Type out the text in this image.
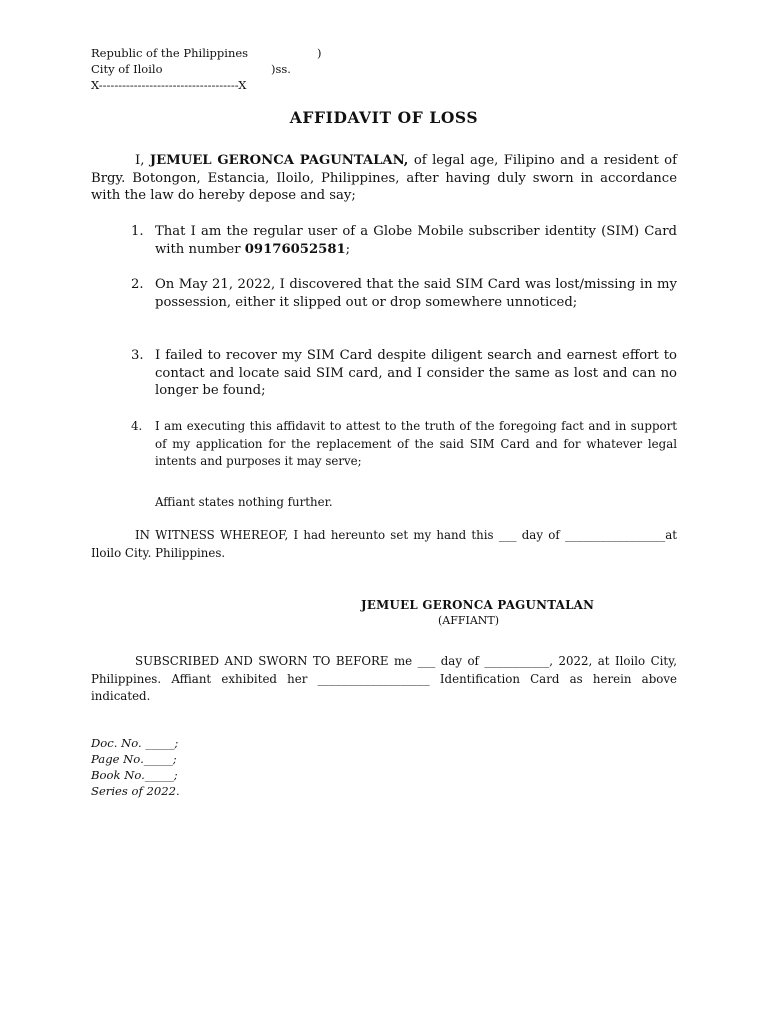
Republic of the Philippines	)
City of Iloilo	)ss.
X------------------------------------X
AFFIDAVIT OF LOSS
I, JEMUEL GERONCA PAGUNTALAN, of legal age, Filipino and a resident of Brgy. Botongon, Estancia, Iloilo, Philippines, after having duly sworn in accordance with the law do hereby depose and say;
1. That I am the regular user of a Globe Mobile subscriber identity (SIM) Card with number 09176052581;
2. On May 21, 2022, I discovered that the said SIM Card was lost/missing in my possession, either it slipped out or drop somewhere unnoticed;
3. I failed to recover my SIM Card despite diligent search and earnest effort to contact and locate said SIM card, and I consider the same as lost and can no longer be found;
4. I am executing this affidavit to attest to the truth of the foregoing fact and in support of my application for the replacement of the said SIM Card and for whatever legal intents and purposes it may serve;
Affiant states nothing further.
IN WITNESS WHEREOF, I had hereunto set my hand this ___ day of _________________at Iloilo City. Philippines.
JEMUEL GERONCA PAGUNTALAN
(AFFIANT)
SUBSCRIBED AND SWORN TO BEFORE me ___ day of ___________, 2022, at Iloilo City, Philippines. Affiant exhibited her ___________________ Identification Card as herein above indicated.
Doc. No. _____;
Page No._____;
Book No._____;
Series of 2022.
